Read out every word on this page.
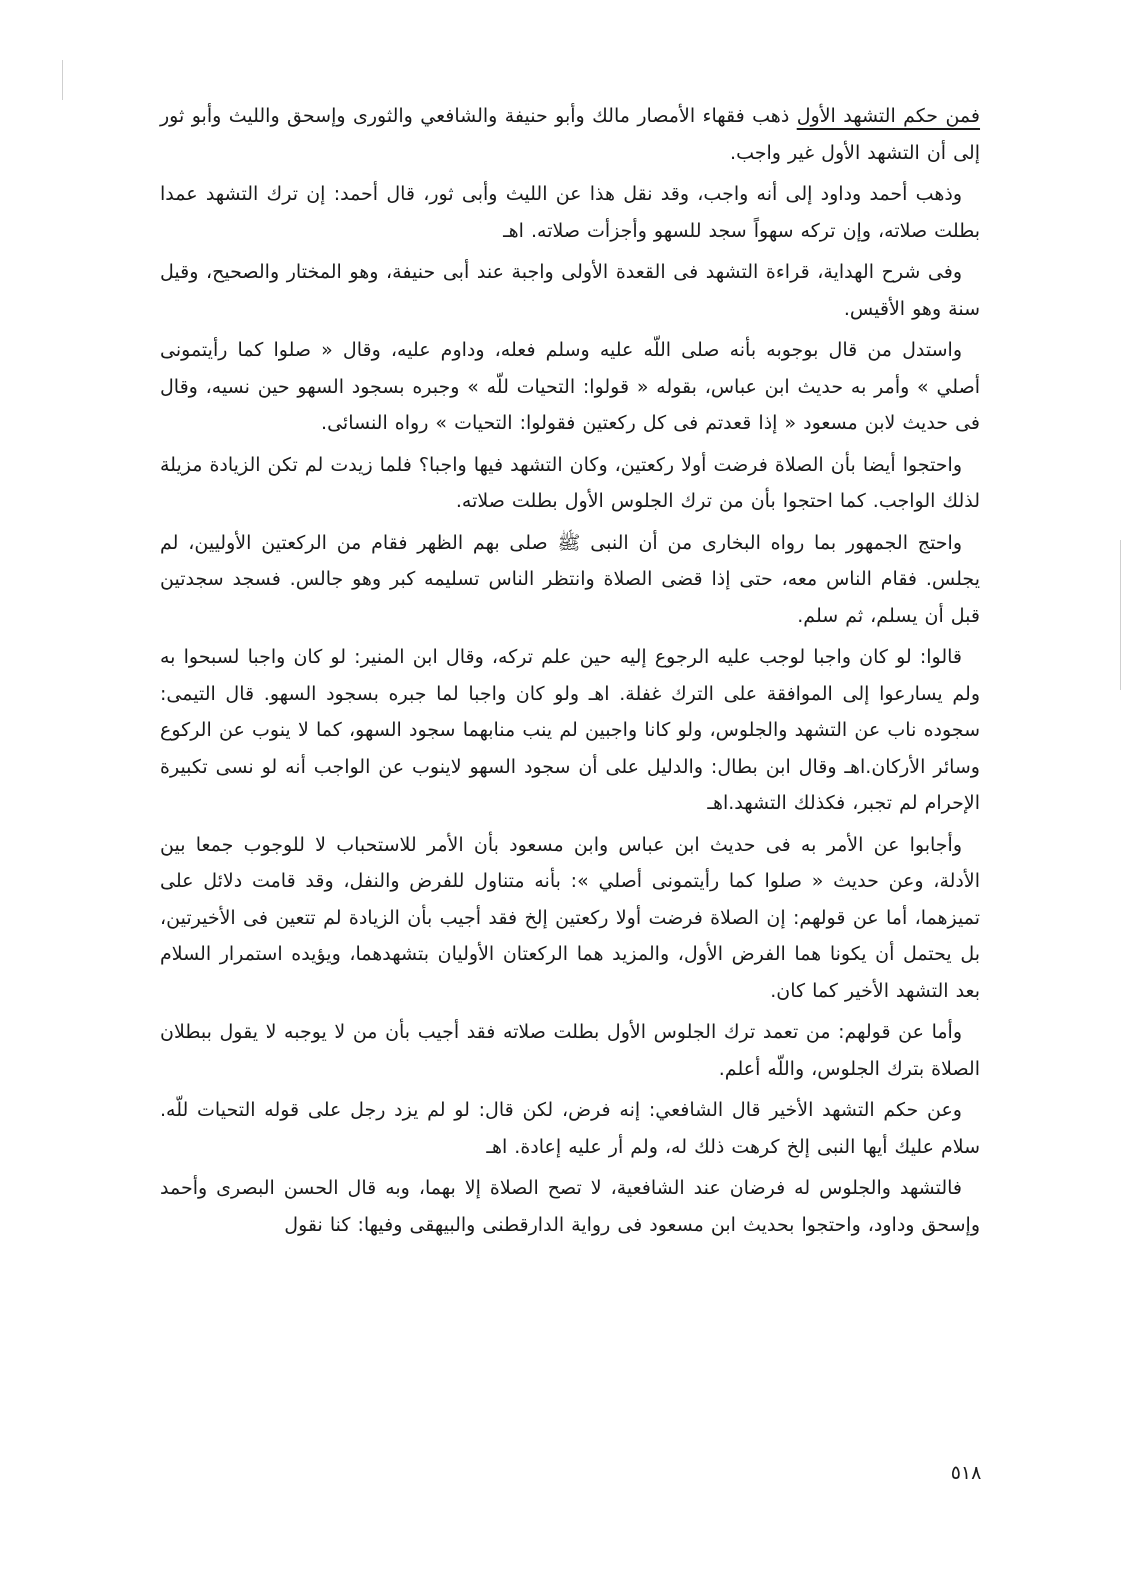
فمن حكم التشهد الأول ذهب فقهاء الأمصار مالك وأبو حنيفة والشافعي والثورى وإسحق والليث وأبو ثور إلى أن التشهد الأول غير واجب.

وذهب أحمد وداود إلى أنه واجب، وقد نقل هذا عن الليث وأبى ثور، قال أحمد: إن ترك التشهد عمدا بطلت صلاته، وإن تركه سهواً سجد للسهو وأجزأت صلاته. اهـ

وفى شرح الهداية، قراءة التشهد فى القعدة الأولى واجبة عند أبى حنيفة، وهو المختار والصحيح، وقيل سنة وهو الأقيس.

واستدل من قال بوجوبه بأنه صلى اللّه عليه وسلم فعله، وداوم عليه، وقال « صلوا كما رأيتمونى أصلي » وأمر به حديث ابن عباس، بقوله « قولوا: التحيات للّه » وجبره بسجود السهو حين نسيه، وقال فى حديث لابن مسعود « إذا قعدتم فى كل ركعتين فقولوا: التحيات » رواه النسائى.

واحتجوا أيضا بأن الصلاة فرضت أولا ركعتين، وكان التشهد فيها واجبا؟ فلما زيدت لم تكن الزيادة مزيلة لذلك الواجب. كما احتجوا بأن من ترك الجلوس الأول بطلت صلاته.

واحتج الجمهور بما رواه البخارى من أن النبى ﷺ صلى بهم الظهر فقام من الركعتين الأوليين، لم يجلس. فقام الناس معه، حتى إذا قضى الصلاة وانتظر الناس تسليمه كبر وهو جالس. فسجد سجدتين قبل أن يسلم، ثم سلم.

قالوا: لو كان واجبا لوجب عليه الرجوع إليه حين علم تركه، وقال ابن المنير: لو كان واجبا لسبحوا به ولم يسارعوا إلى الموافقة على الترك غفلة. اهـ ولو كان واجبا لما جبره بسجود السهو. قال التيمى: سجوده ناب عن التشهد والجلوس، ولو كانا واجبين لم ينب منابهما سجود السهو، كما لا ينوب عن الركوع وسائر الأركان.اهـ وقال ابن بطال: والدليل على أن سجود السهو لاينوب عن الواجب أنه لو نسى تكبيرة الإحرام لم تجبر، فكذلك التشهد.اهـ

وأجابوا عن الأمر به فى حديث ابن عباس وابن مسعود بأن الأمر للاستحباب لا للوجوب جمعا بين الأدلة، وعن حديث « صلوا كما رأيتمونى أصلي »: بأنه متناول للفرض والنفل، وقد قامت دلائل على تميزهما، أما عن قولهم: إن الصلاة فرضت أولا ركعتين إلخ فقد أجيب بأن الزيادة لم تتعين فى الأخيرتين، بل يحتمل أن يكونا هما الفرض الأول، والمزيد هما الركعتان الأوليان بتشهدهما، ويؤيده استمرار السلام بعد التشهد الأخير كما كان.

وأما عن قولهم: من تعمد ترك الجلوس الأول بطلت صلاته فقد أجيب بأن من لا يوجبه لا يقول ببطلان الصلاة بترك الجلوس، واللّه أعلم.

وعن حكم التشهد الأخير قال الشافعي: إنه فرض، لكن قال: لو لم يزد رجل على قوله التحيات للّه. سلام عليك أيها النبى إلخ كرهت ذلك له، ولم أر عليه إعادة. اهـ

فالتشهد والجلوس له فرضان عند الشافعية، لا تصح الصلاة إلا بهما، وبه قال الحسن البصرى وأحمد وإسحق وداود، واحتجوا بحديث ابن مسعود فى رواية الدارقطنى والبيهقى وفيها: كنا نقول

٥١٨
